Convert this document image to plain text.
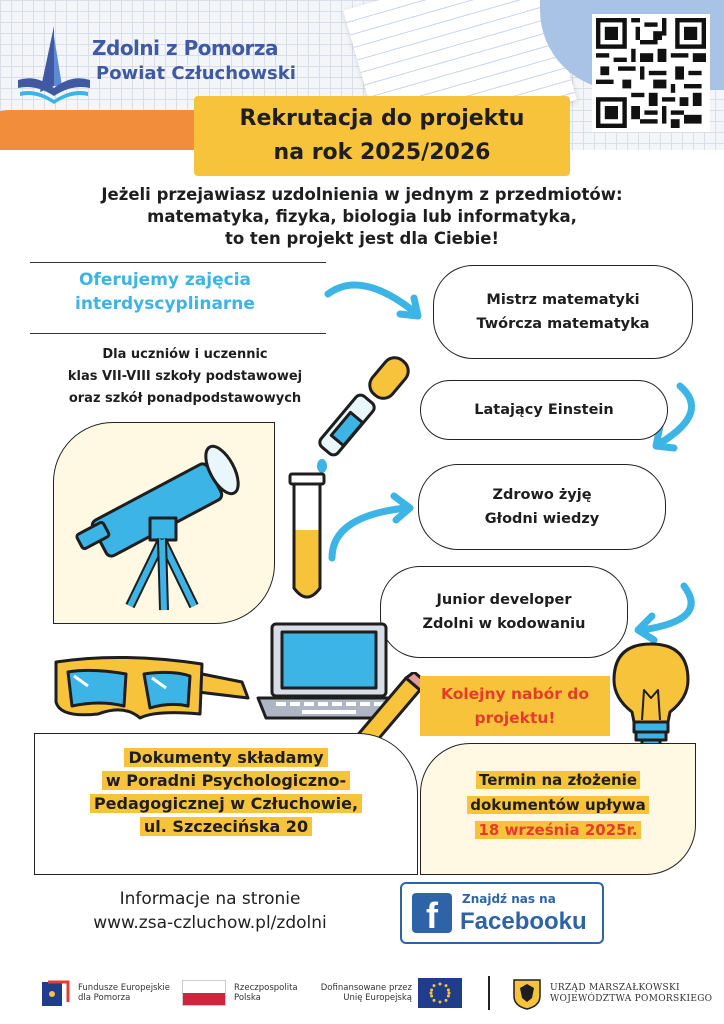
Zdolni z Pomorza
Powiat Człuchowski
Rekrutacja do projektu
na rok 2025/2026
Jeżeli przejawiasz uzdolnienia w jednym z przedmiotów:
matematyka, fizyka, biologia lub informatyka,
to ten projekt jest dla Ciebie!
Oferujemy zajęcia
interdyscyplinarne
Dla uczniów i uczennic
klas VII-VIII szkoły podstawowej
oraz szkół ponadpodstawowych
Mistrz matematyki
Twórcza matematyka
Latający Einstein
Zdrowo żyję
Głodni wiedzy
Junior developer
Zdolni w kodowaniu
Kolejny nabór do
projektu!
Dokumenty składamy
w Poradni Psychologiczno-
Pedagogicznej w Człuchowie,
ul. Szczecińska 20
Termin na złożenie
dokumentów upływa
18 września 2025r.
Informacje na stronie
www.zsa-czluchow.pl/zdolni	f	Znajdź nas na
Facebooku
Fundusze Europejskie
dla Pomorza
Rzeczpospolita
Polska
Dofinansowane przez
Unię Europejską
URZĄD MARSZAŁKOWSKI
WOJEWÓDZTWA POMORSKIEGO
